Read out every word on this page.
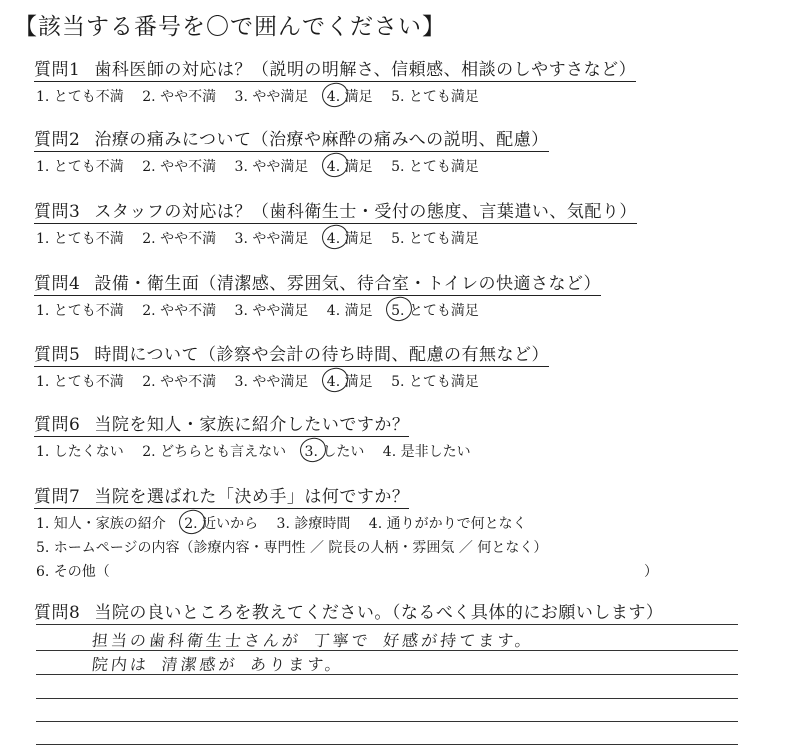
【該当する番号を〇で囲んでください】
質問1 歯科医師の対応は？（説明の明解さ、信頼感、相談のしやすさなど）
1. とても不満 2. やや不満 3. やや満足 4. 満足 5. とても満足
質問2 治療の痛みについて（治療や麻酔の痛みへの説明、配慮）
1. とても不満 2. やや不満 3. やや満足 4. 満足 5. とても満足
質問3 スタッフの対応は？（歯科衛生士・受付の態度、言葉遣い、気配り）
1. とても不満 2. やや不満 3. やや満足 4. 満足 5. とても満足
質問4 設備・衛生面（清潔感、雰囲気、待合室・トイレの快適さなど）
1. とても不満 2. やや不満 3. やや満足 4. 満足 5. とても満足
質問5 時間について（診察や会計の待ち時間、配慮の有無など）
1. とても不満 2. やや不満 3. やや満足 4. 満足 5. とても満足
質問6 当院を知人・家族に紹介したいですか？
1. したくない 2. どちらとも言えない 3. したい 4. 是非したい
質問7 当院を選ばれた「決め手」は何ですか？
1. 知人・家族の紹介 2. 近いから 3. 診療時間 4. 通りがかりで何となく
5. ホームページの内容（診療内容・専門性 ／ 院長の人柄・雰囲気 ／ 何となく）
6. その他（	）
質問8 当院の良いところを教えてください。（なるべく具体的にお願いします）
担当の歯科衛生士さんが 丁寧で 好感が持てます。
院内は 清潔感が あります。
